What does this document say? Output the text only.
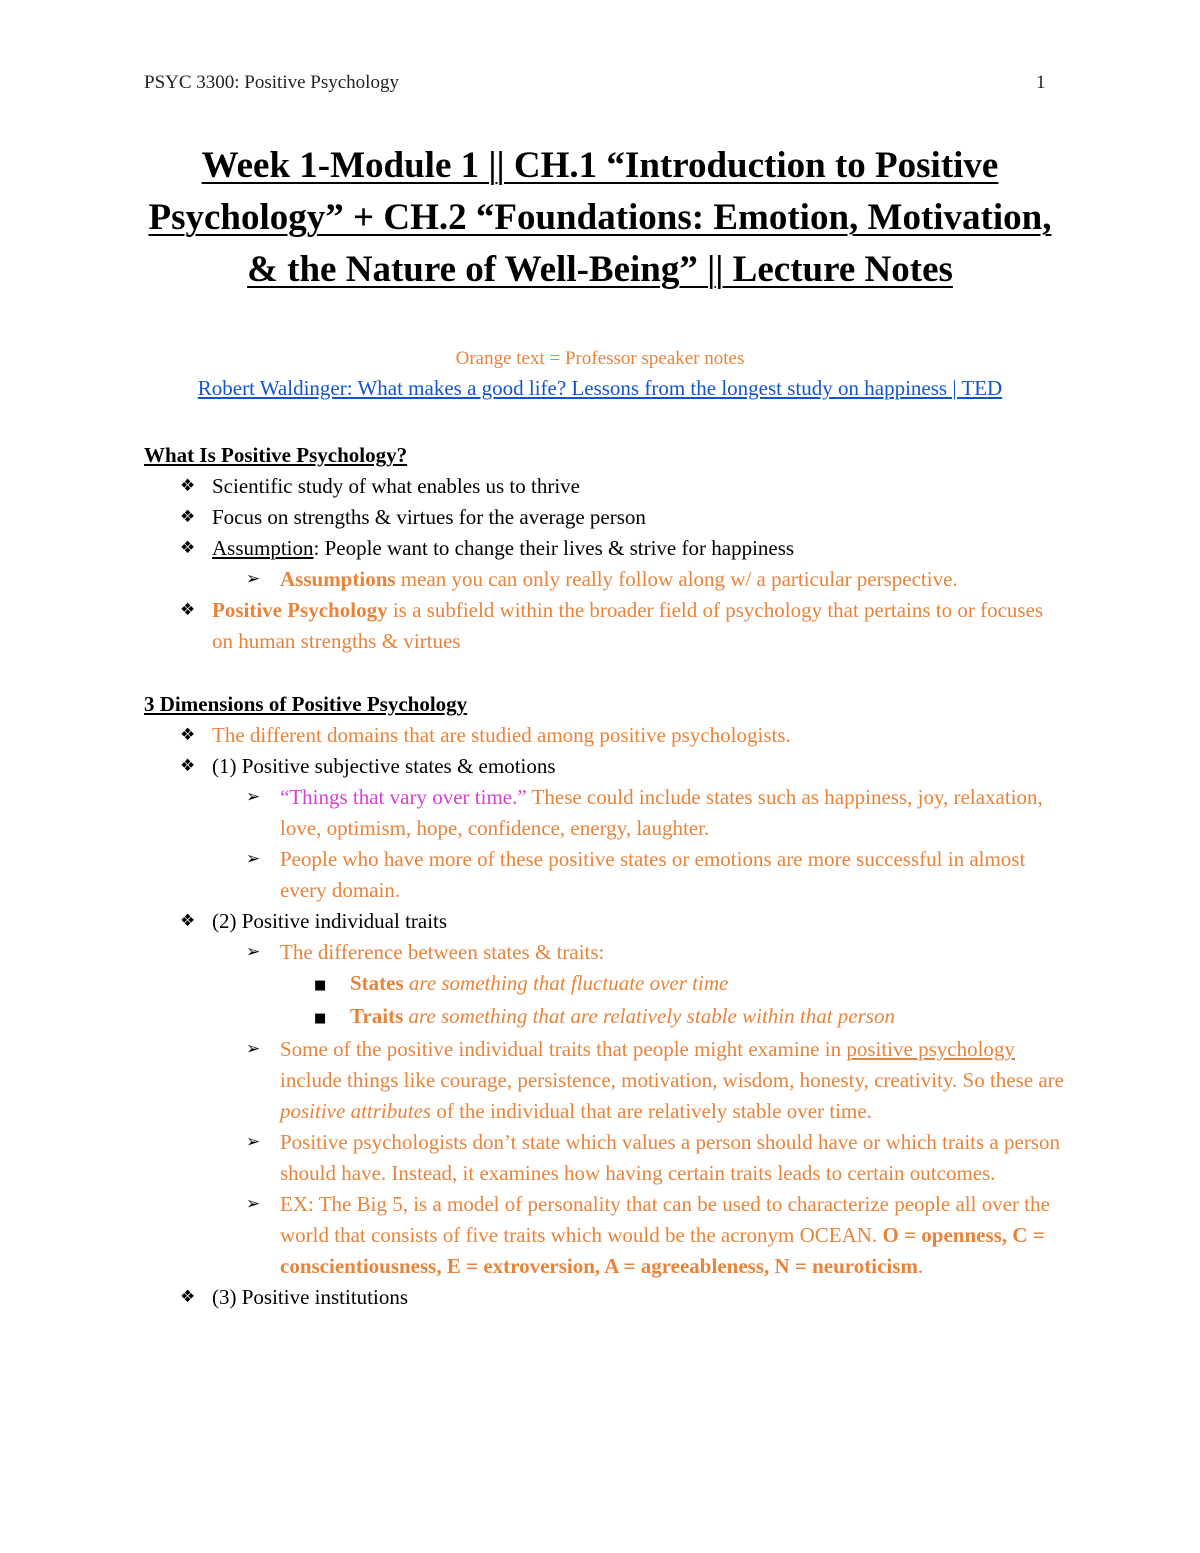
PSYC 3300: Positive Psychology	1
Week 1-Module 1 || CH.1 “Introduction to Positive Psychology” + CH.2 “Foundations: Emotion, Motivation, & the Nature of Well-Being” || Lecture Notes
Orange text = Professor speaker notes
Robert Waldinger: What makes a good life? Lessons from the longest study on happiness | TED
What Is Positive Psychology?
❖ Scientific study of what enables us to thrive
❖ Focus on strengths & virtues for the average person
❖ Assumption: People want to change their lives & strive for happiness
➢ Assumptions mean you can only really follow along w/ a particular perspective.
❖ Positive Psychology is a subfield within the broader field of psychology that pertains to or focuses on human strengths & virtues
3 Dimensions of Positive Psychology
❖ The different domains that are studied among positive psychologists.
❖ (1) Positive subjective states & emotions
➢ “Things that vary over time.” These could include states such as happiness, joy, relaxation, love, optimism, hope, confidence, energy, laughter.
➢ People who have more of these positive states or emotions are more successful in almost every domain.
❖ (2) Positive individual traits
➢ The difference between states & traits:
■	States are something that fluctuate over time
■	Traits are something that are relatively stable within that person
➢ Some of the positive individual traits that people might examine in positive psychology include things like courage, persistence, motivation, wisdom, honesty, creativity. So these are positive attributes of the individual that are relatively stable over time.
➢ Positive psychologists don’t state which values a person should have or which traits a person should have. Instead, it examines how having certain traits leads to certain outcomes.
➢ EX: The Big 5, is a model of personality that can be used to characterize people all over the world that consists of five traits which would be the acronym OCEAN. O = openness, C = conscientiousness, E = extroversion, A = agreeableness, N = neuroticism.
❖ (3) Positive institutions
